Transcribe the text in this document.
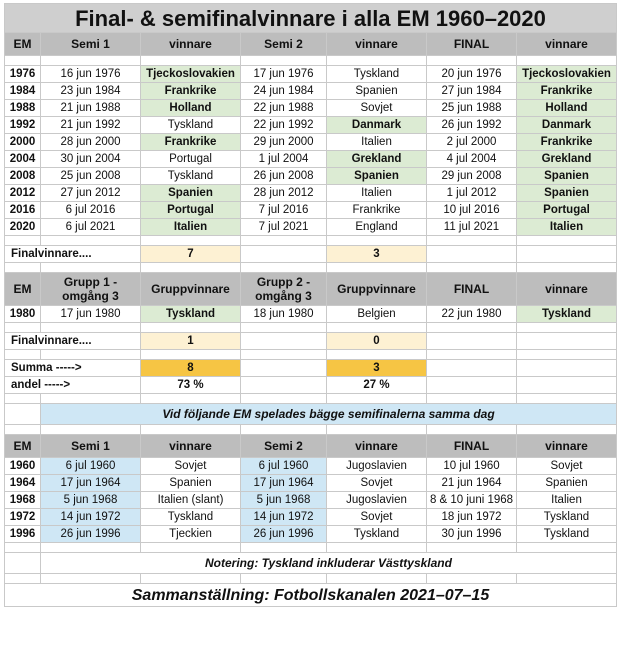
Final- & semifinalvinnare i alla EM 1960–2020						
EM	Semi 1	vinnare	Semi 2	vinnare	FINAL	vinnare

1976	16 jun 1976	Tjeckoslovakien	17 jun 1976	Tyskland	20 jun 1976	Tjeckoslovakien
1984	23 jun 1984	Frankrike	24 jun 1984	Spanien	27 jun 1984	Frankrike
1988	21 jun 1988	Holland	22 jun 1988	Sovjet	25 jun 1988	Holland
1992	21 jun 1992	Tyskland	22 jun 1992	Danmark	26 jun 1992	Danmark
2000	28 jun 2000	Frankrike	29 jun 2000	Italien	2 jul 2000	Frankrike
2004	30 jun 2004	Portugal	1 jul 2004	Grekland	4 jul 2004	Grekland
2008	25 jun 2008	Tyskland	26 jun 2008	Spanien	29 jun 2008	Spanien
2012	27 jun 2012	Spanien	28 jun 2012	Italien	1 jul 2012	Spanien
2016	6 jul 2016	Portugal	7 jul 2016	Frankrike	10 jul 2016	Portugal
2020	6 jul 2021	Italien	7 jul 2021	England	11 jul 2021	Italien

Finalvinnare....		7		3		

EM	Grupp 1 - omgång 3	Gruppvinnare	Grupp 2 - omgång 3	Gruppvinnare	FINAL	vinnare
1980	17 jun 1980	Tyskland	18 jun 1980	Belgien	22 jun 1980	Tyskland

Finalvinnare....		1		0		

Summa ----->		8		3		
andel ----->		73 %		27 %		

	Vid följande EM spelades bägge semifinalerna samma dag					

EM	Semi 1	vinnare	Semi 2	vinnare	FINAL	vinnare
1960	6 jul 1960	Sovjet	6 jul 1960	Jugoslavien	10 jul 1960	Sovjet
1964	17 jun 1964	Spanien	17 jun 1964	Sovjet	21 jun 1964	Spanien
1968	5 jun 1968	Italien (slant)	5 jun 1968	Jugoslavien	8 & 10 juni 1968	Italien
1972	14 jun 1972	Tyskland	14 jun 1972	Sovjet	18 jun 1972	Tyskland
1996	26 jun 1996	Tjeckien	26 jun 1996	Tyskland	30 jun 1996	Tyskland

	Notering: Tyskland inkluderar Västtyskland					

Sammanställning: Fotbollskanalen 2021–07–15						
